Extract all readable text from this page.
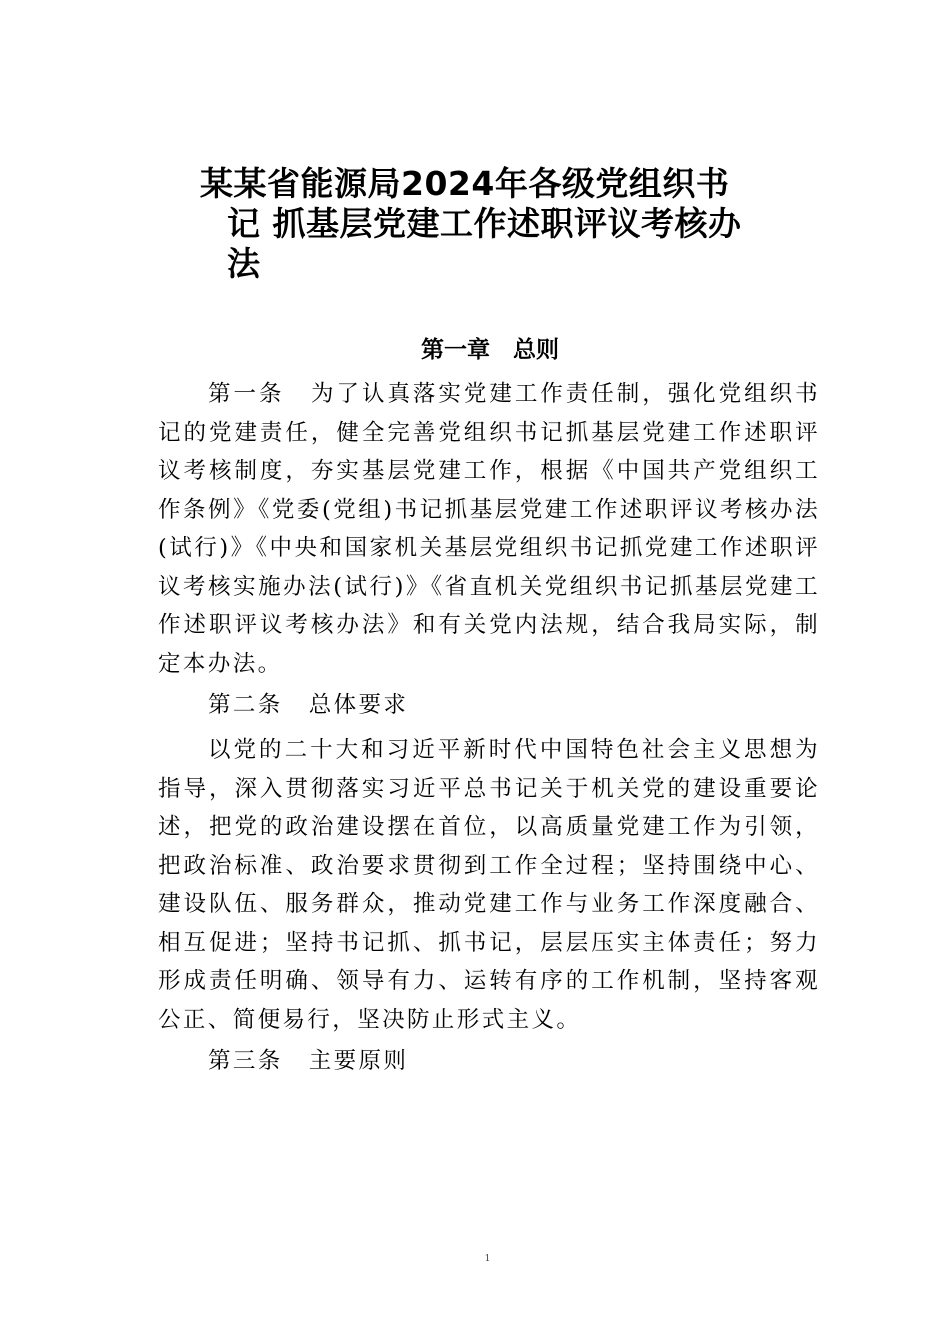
某某省能源局2024年各级党组织书
记 抓基层党建工作述职评议考核办
法
第一章　总则

第一条 为了认真落实党建工作责任制，强化党组织书记的党建责任，健全完善党组织书记抓基层党建工作述职评议考核制度，夯实基层党建工作，根据《中国共产党组织工作条例》《党委(党组)书记抓基层党建工作述职评议考核办法(试行)》《中央和国家机关基层党组织书记抓党建工作述职评议考核实施办法(试行)》《省直机关党组织书记抓基层党建工作述职评议考核办法》和有关党内法规，结合我局实际，制定本办法。

第二条 总体要求

以党的二十大和习近平新时代中国特色社会主义思想为指导，深入贯彻落实习近平总书记关于机关党的建设重要论述，把党的政治建设摆在首位，以高质量党建工作为引领，把政治标准、政治要求贯彻到工作全过程；坚持围绕中心、建设队伍、服务群众，推动党建工作与业务工作深度融合、相互促进；坚持书记抓、抓书记，层层压实主体责任；努力形成责任明确、领导有力、运转有序的工作机制，坚持客观公正、简便易行，坚决防止形式主义。

第三条 主要原则

1
